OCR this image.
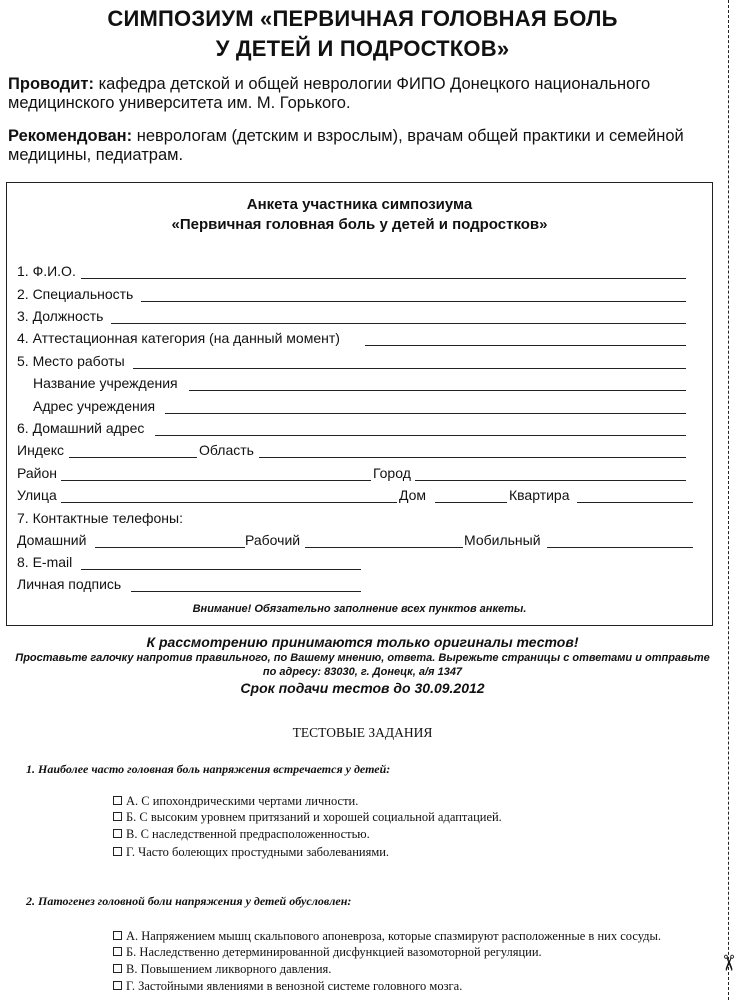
✂
СИМПОЗИУМ «ПЕРВИЧНАЯ ГОЛОВНАЯ БОЛЬ
У ДЕТЕЙ И ПОДРОСТКОВ»
Проводит: кафедра детской и общей неврологии ФИПО Донецкого национального медицинского университета им. М. Горького.
Рекомендован: неврологам (детским и взрослым), врачам общей практики и семейной медицины, педиатрам.
Анкета участника симпозиума
«Первичная головная боль у детей и подростков»
1. Ф.И.О.
2. Специальность
3. Должность
4. Аттестационная категория (на данный момент)
5. Место работы
Название учреждения
Адрес учреждения
6. Домашний адрес
Индекс	Область
Район	Город
Улица	Дом	Квартира
7. Контактные телефоны:
Домашний	Рабочий	Мобильный
8. E-mail
Личная подпись
Внимание! Обязательно заполнение всех пунктов анкеты.
К рассмотрению принимаются только оригиналы тестов!
Проставьте галочку напротив правильного, по Вашему мнению, ответа. Вырежьте страницы с ответами и отправьте
по адресу: 83030, г. Донецк, а/я 1347
Срок подачи тестов до 30.09.2012
ТЕСТОВЫЕ ЗАДАНИЯ
1. Наиболее часто головная боль напряжения встречается у детей:
А. С ипохондрическими чертами личности.
Б. С высоким уровнем притязаний и хорошей социальной адаптацией.
В. С наследственной предрасположенностью.
Г. Часто болеющих простудными заболеваниями.
2. Патогенез головной боли напряжения у детей обусловлен:
А. Напряжением мышц скальпового апоневроза, которые спазмируют расположенные в них сосуды.
Б. Наследственно детерминированной дисфункцией вазомоторной регуляции.
В. Повышением ликворного давления.
Г. Застойными явлениями в венозной системе головного мозга.
